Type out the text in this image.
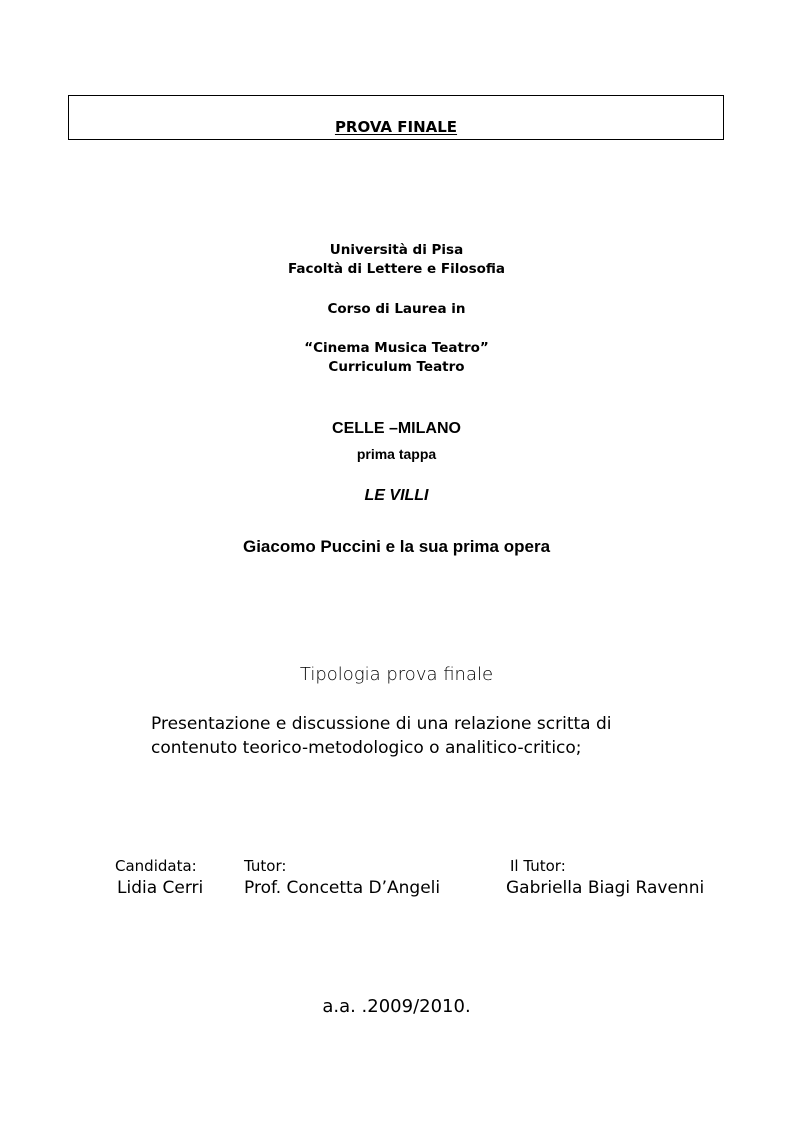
PROVA FINALE
Università di Pisa
Facoltà di Lettere e Filosofia
Corso di Laurea in
“Cinema Musica Teatro”
Curriculum Teatro
CELLE –MILANO
prima tappa
LE VILLI
Giacomo Puccini e la sua prima opera
Tipologia prova finale
Presentazione e discussione di una relazione scritta di
contenuto teorico-metodologico o analitico-critico;
Candidata:
Lidia Cerri
Tutor:
Prof. Concetta D’Angeli
Il Tutor:
Gabriella Biagi Ravenni
a.a. .2009/2010.
